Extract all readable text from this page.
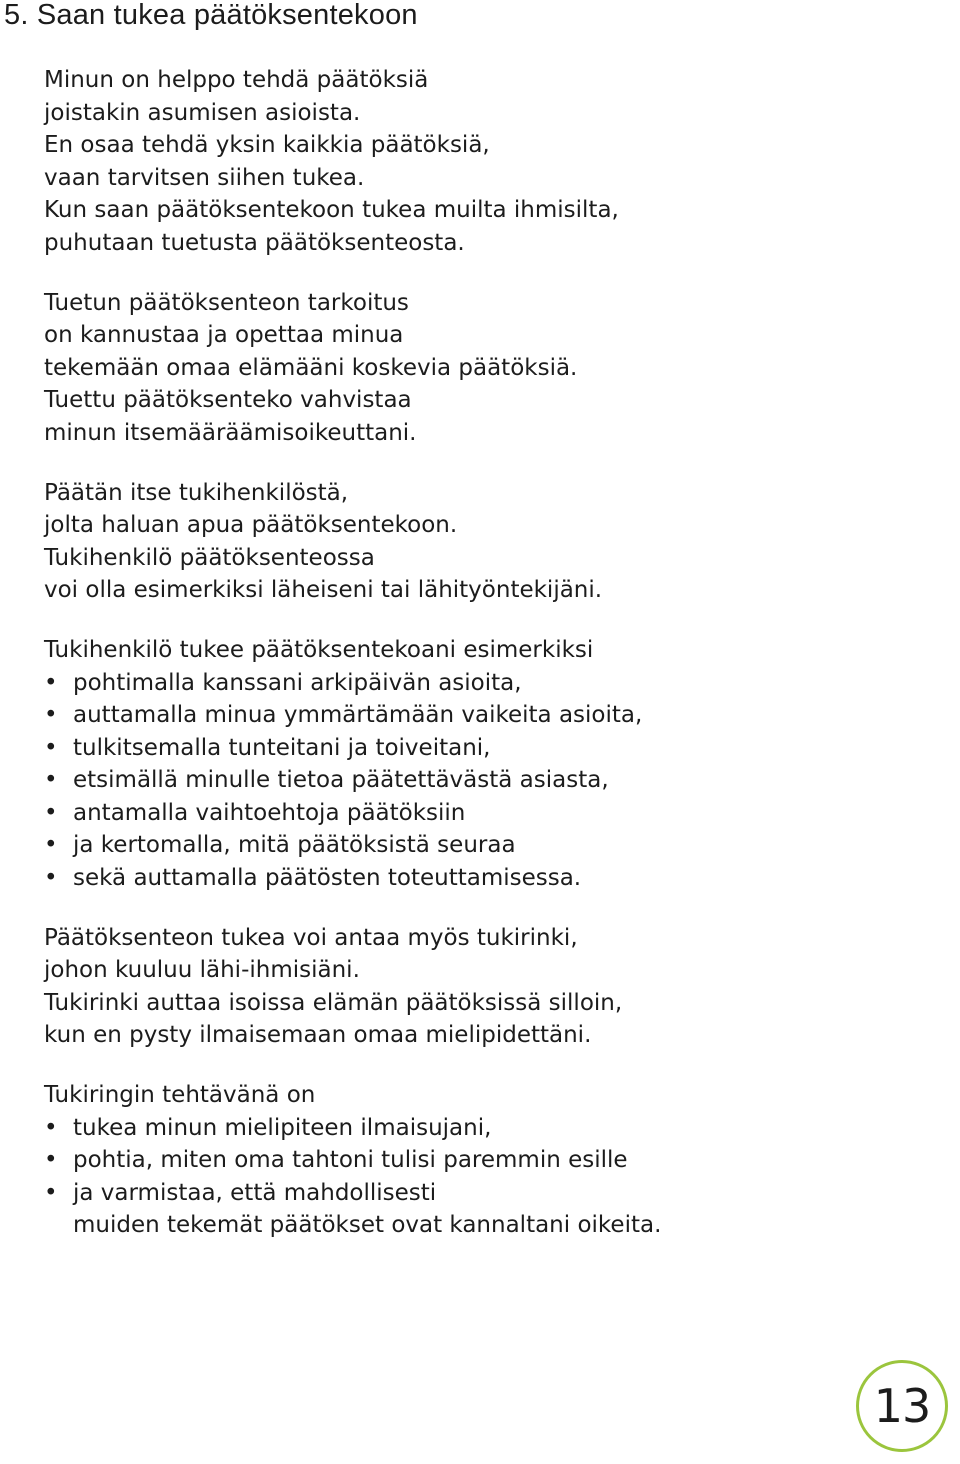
5. Saan tukea päätöksentekoon

Minun on helppo tehdä päätöksiä
joistakin asumisen asioista.
En osaa tehdä yksin kaikkia päätöksiä,
vaan tarvitsen siihen tukea.
Kun saan päätöksentekoon tukea muilta ihmisilta,
puhutaan tuetusta päätöksenteosta.

Tuetun päätöksenteon tarkoitus
on kannustaa ja opettaa minua
tekemään omaa elämääni koskevia päätöksiä.
Tuettu päätöksenteko vahvistaa
minun itsemääräämisoikeuttani.

Päätän itse tukihenkilöstä,
jolta haluan apua päätöksentekoon.
Tukihenkilö päätöksenteossa
voi olla esimerkiksi läheiseni tai lähityöntekijäni.

Tukihenkilö tukee päätöksentekoani esimerkiksi

• pohtimalla kanssani arkipäivän asioita,
• auttamalla minua ymmärtämään vaikeita asioita,
• tulkitsemalla tunteitani ja toiveitani,
• etsimällä minulle tietoa päätettävästä asiasta,
• antamalla vaihtoehtoja päätöksiin
• ja kertomalla, mitä päätöksistä seuraa
• sekä auttamalla päätösten toteuttamisessa.

Päätöksenteon tukea voi antaa myös tukirinki,
johon kuuluu lähi-ihmisiäni.
Tukirinki auttaa isoissa elämän päätöksissä silloin,
kun en pysty ilmaisemaan omaa mielipidettäni.

Tukiringin tehtävänä on

• tukea minun mielipiteen ilmaisujani,
• pohtia, miten oma tahtoni tulisi paremmin esille
• ja varmistaa, että mahdollisesti
muiden tekemät päätökset ovat kannaltani oikeita.
13
